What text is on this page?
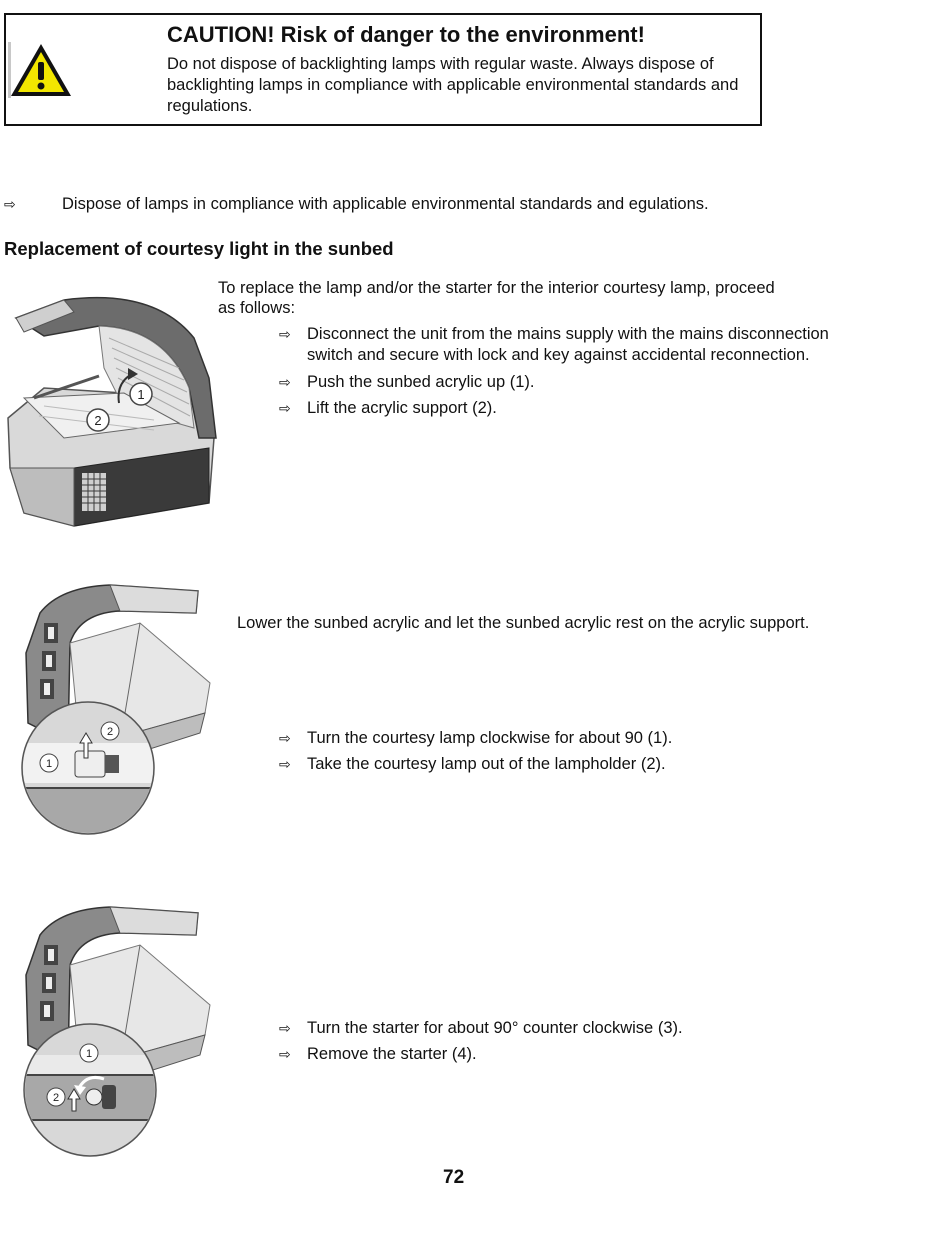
CAUTION! Risk of danger to the environment!
Do not dispose of backlighting lamps with regular waste. Always dispose of backlighting lamps in compliance with applicable environmental standards and regulations.
⇨	Dispose of lamps in compliance with applicable environmental standards and egulations.
Replacement of courtesy light in the sunbed
To replace the lamp and/or the starter for the interior courtesy lamp, proceed as follows:
⇨ Disconnect the unit from the mains supply with the mains disconnection switch and secure with lock and key against accidental reconnection.
⇨ Push the sunbed acrylic up (1).
⇨ Lift the acrylic support (2).
1
2
Lower the sunbed acrylic and let the sunbed acrylic rest on the acrylic support.
2
1
⇨ Turn the courtesy lamp clockwise for about 90 (1).
⇨ Take the courtesy lamp out of the lampholder (2).
1
2
⇨ Turn the starter for about 90° counter clockwise (3).
⇨ Remove the starter (4).
72
